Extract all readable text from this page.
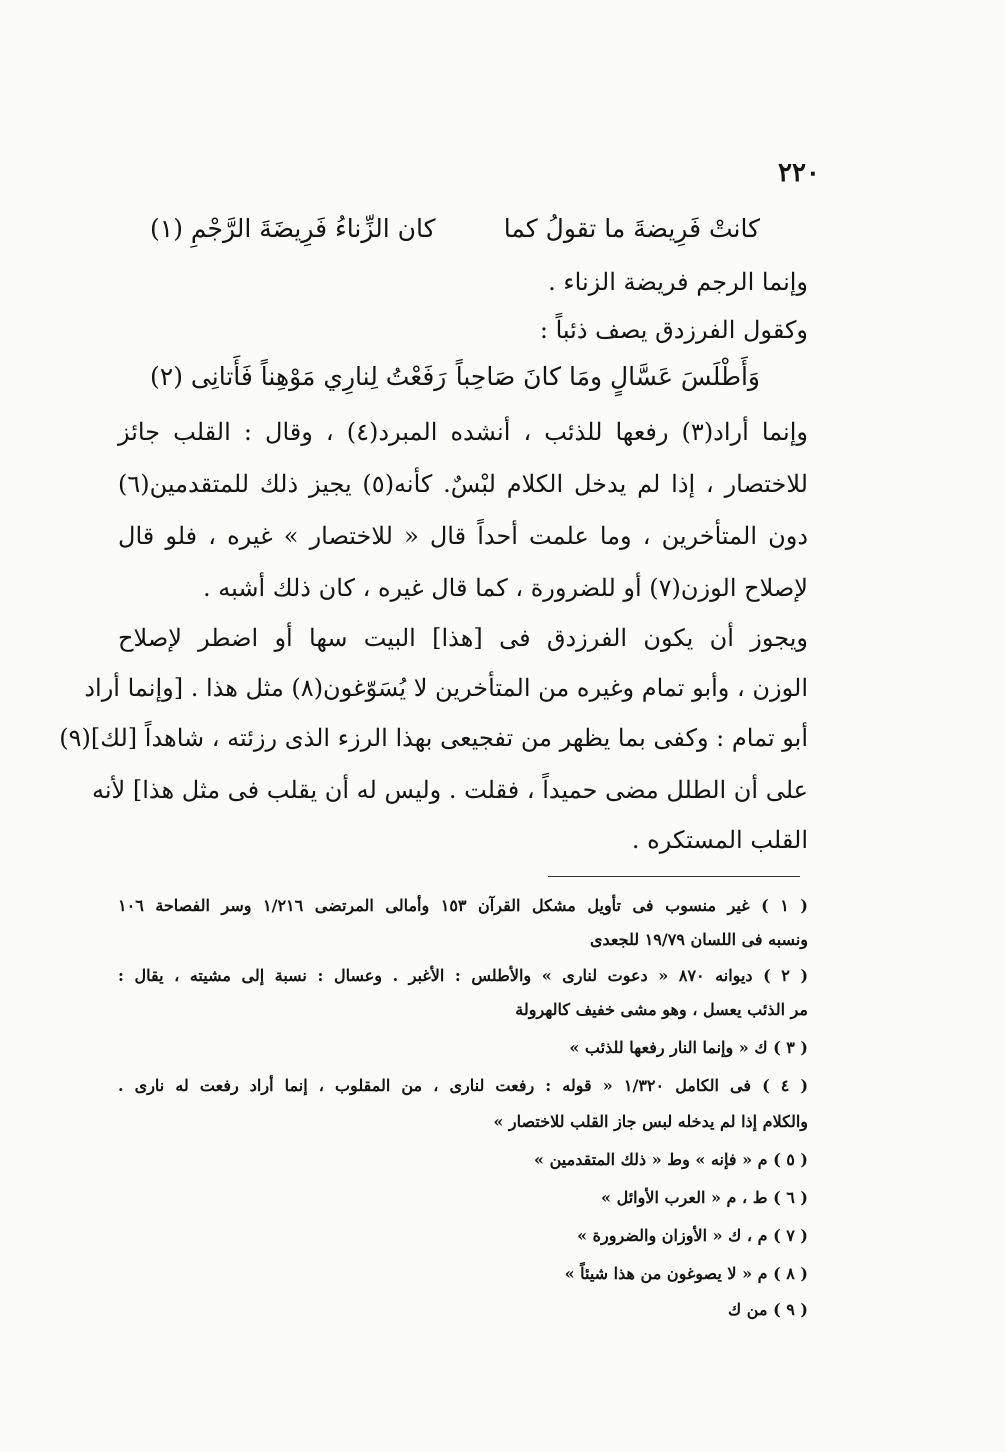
٢٢٠
كانتْ فَرِيضةَ ما تقولُ كما
كان الزِّناءُ فَرِيضَةَ الرَّجْمِ (١)
وإنما الرجم فريضة الزناء .
وكقول الفرزدق يصف ذئباً :
وَأَطْلَسَ عَسَّالٍ ومَا كانَ صَاحِباً
رَفَعْتُ لِنارِي مَوْهِناً فَأَتانِى (٢)
وإنما أراد(٣) رفعها للذئب ، أنشده المبرد(٤) ، وقال : القلب جائز
للاختصار ، إذا لم يدخل الكلام لبْسٌ. كأنه(٥) يجيز ذلك للمتقدمين(٦)
دون المتأخرين ، وما علمت أحداً قال « للاختصار » غيره ، فلو قال
لإصلاح الوزن(٧) أو للضرورة ، كما قال غيره ، كان ذلك أشبه .
ويجوز أن يكون الفرزدق فى [هذا] البيت سها أو اضطر لإصلاح
الوزن ، وأبو تمام وغيره من المتأخرين لا يُسَوّغون(٨) مثل هذا . [وإنما أراد
أبو تمام : وكفى بما يظهر من تفجيعى بهذا الرزء الذى رزئته ، شاهداً [لك](٩)
على أن الطلل مضى حميداً ، فقلت . وليس له أن يقلب فى مثل هذا] لأنه
القلب المستكره .
( ١ ) غير منسوب فى تأويل مشكل القرآن ١٥٣ وأمالى المرتضى ١/٢١٦ وسر الفصاحة ١٠٦
ونسبه فى اللسان ١٩/٧٩ للجعدى
( ٢ ) ديوانه ٨٧٠ « دعوت لنارى » والأطلس : الأغبر . وعسال : نسبة إلى مشيته ، يقال :
مر الذئب يعسل ، وهو مشى خفيف كالهرولة
( ٣ ) ك « وإنما النار رفعها للذئب »
( ٤ ) فى الكامل ١/٣٢٠ « قوله : رفعت لنارى ، من المقلوب ، إنما أراد رفعت له نارى .
والكلام إذا لم يدخله لبس جاز القلب للاختصار »
( ٥ ) م « فإنه » وط « ذلك المتقدمين »
( ٦ ) ط ، م « العرب الأوائل »
( ٧ ) م ، ك « الأوزان والضرورة »
( ٨ ) م « لا يصوغون من هذا شيئاً »
( ٩ ) من ك
